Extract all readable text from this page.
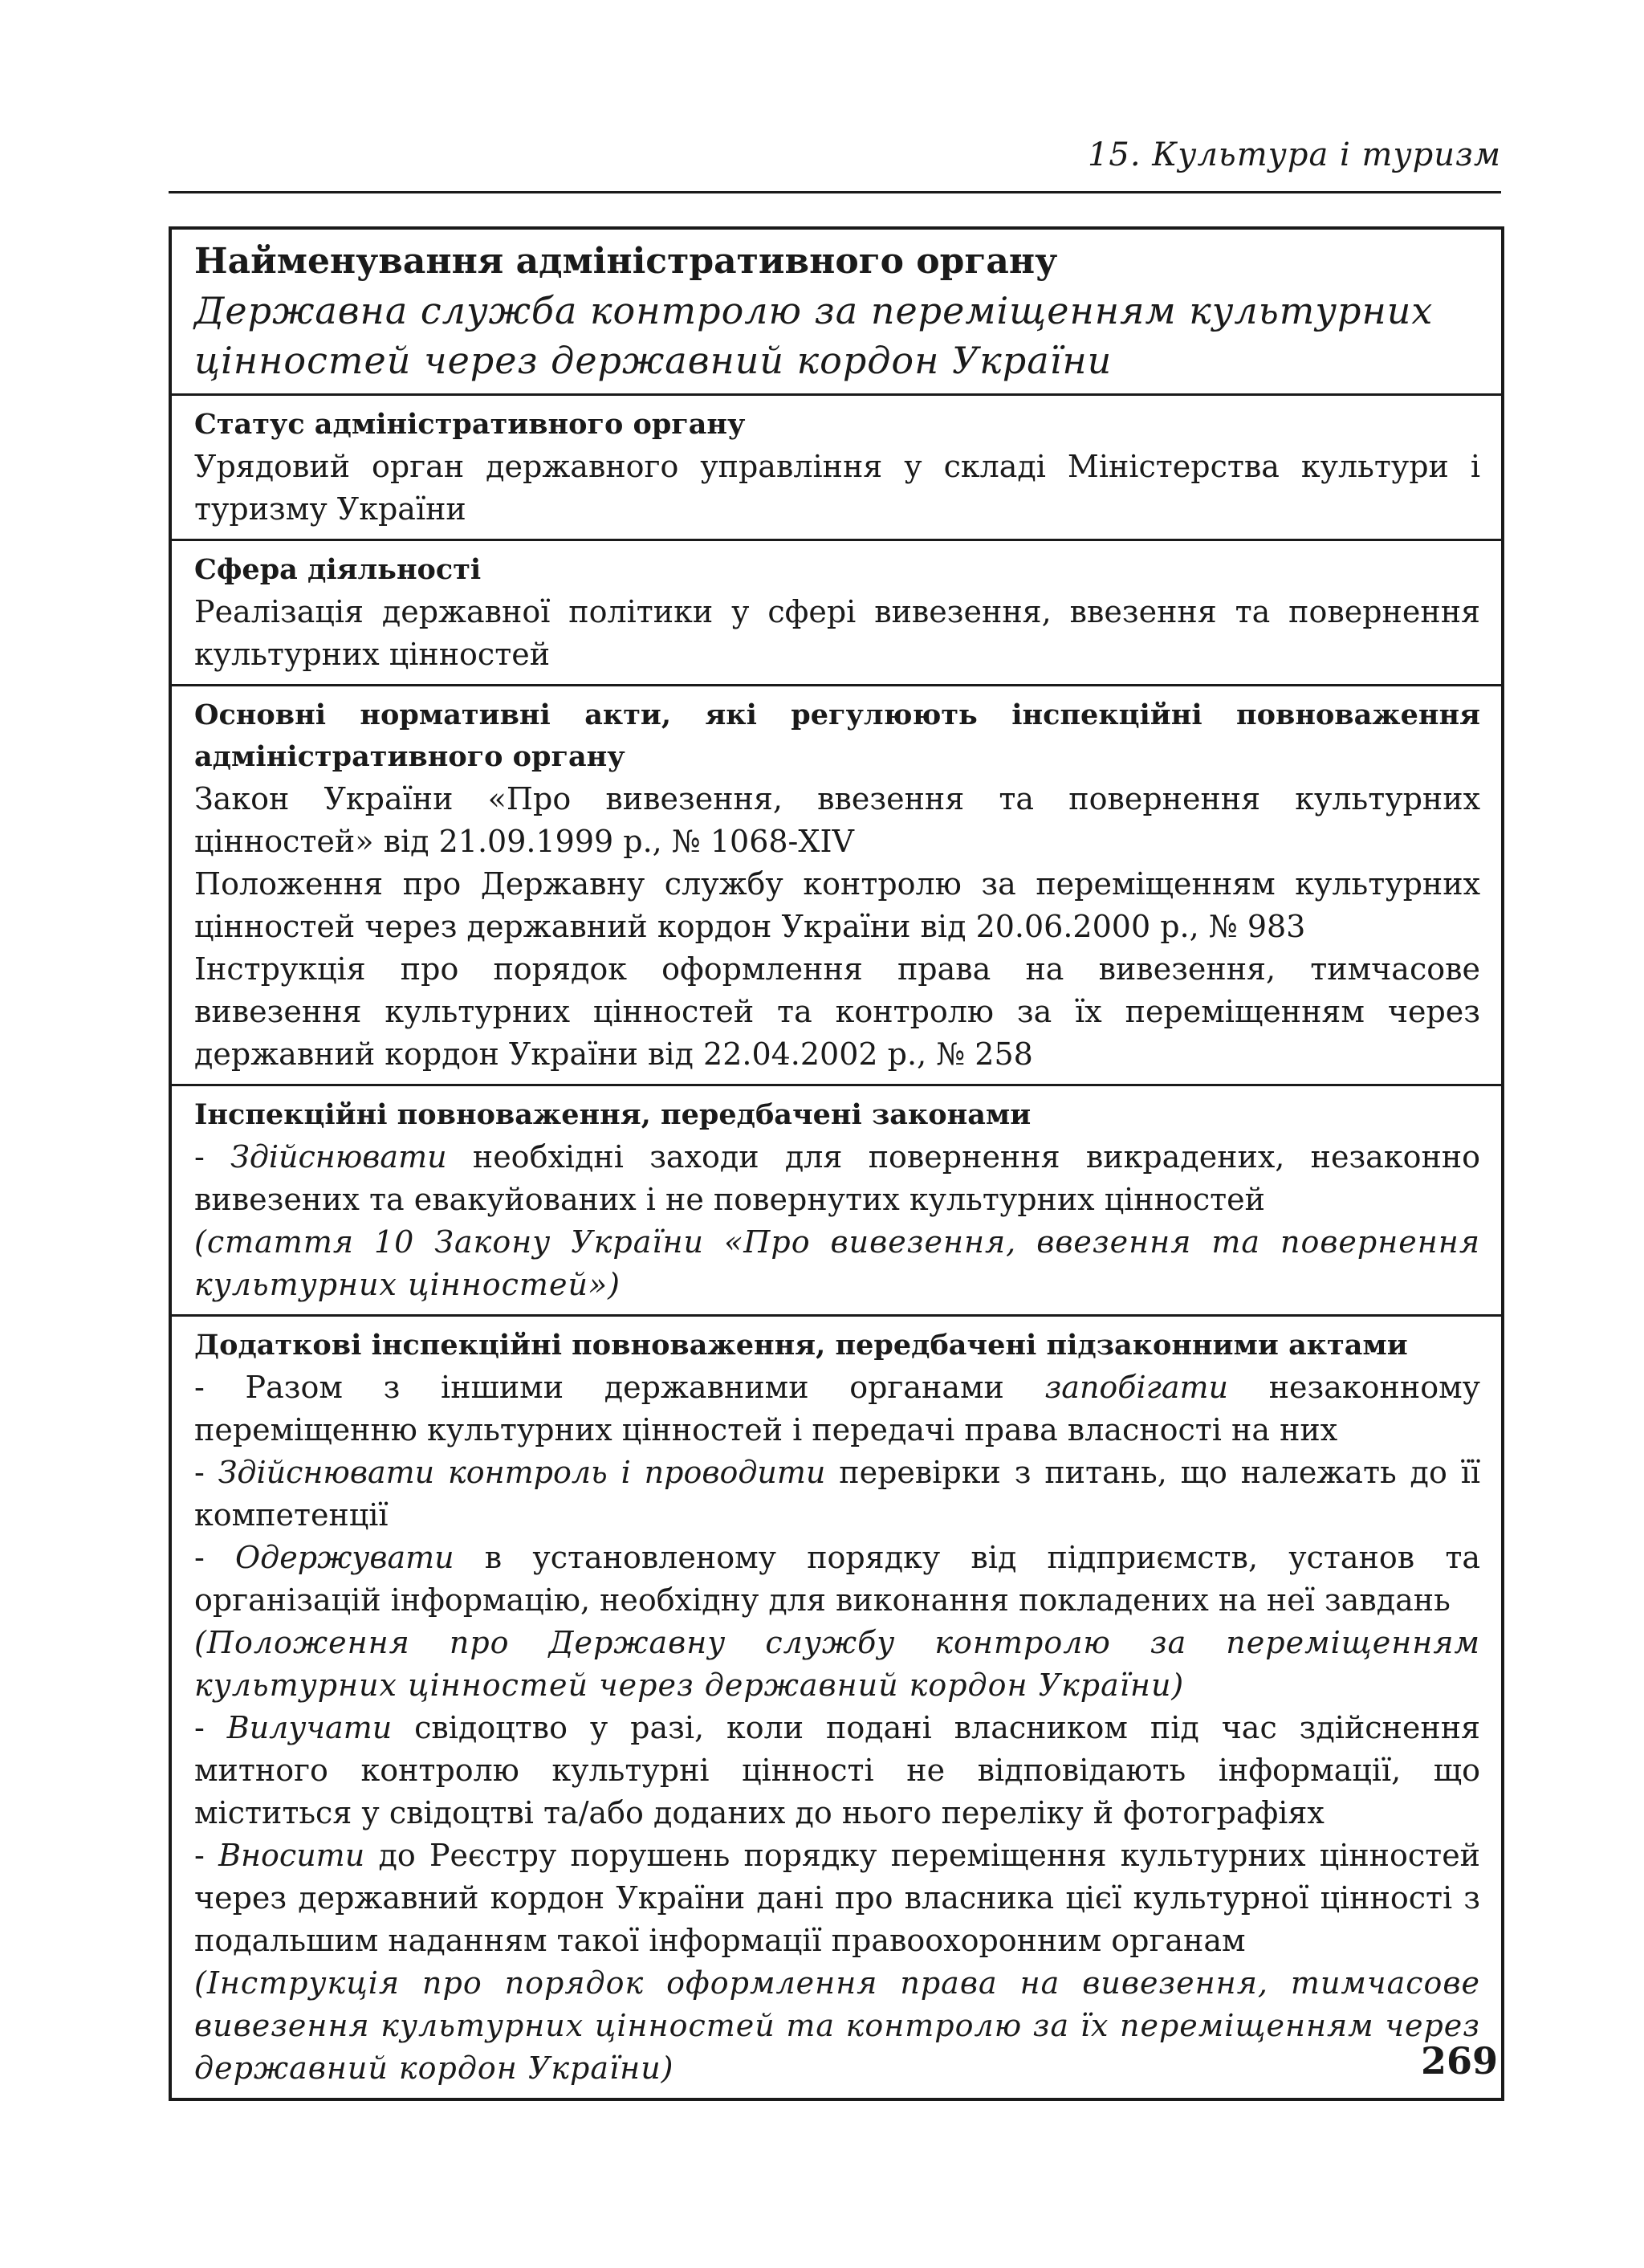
15. Культура і туризм
Найменування адміністративного органу
Державна служба контролю за переміщенням культурних цінностей через державний кордон України
Статус адміністративного органу
Урядовий орган державного управління у складі Міністерства культури і туризму України
Сфера діяльності
Реалізація державної політики у сфері вивезення, ввезення та повернення культурних цінностей
Основні нормативні акти, які регулюють інспекційні повноваження адміністративного органу
Закон України «Про вивезення, ввезення та повернення культурних цінностей» від 21.09.1999 р., № 1068-XIV
Положення про Державну службу контролю за переміщенням культурних цінностей через державний кордон України від 20.06.2000 р., № 983
Інструкція про порядок оформлення права на вивезення, тимчасове вивезення культурних цінностей та контролю за їх переміщенням через державний кордон України від 22.04.2002 р., № 258
Інспекційні повноваження, передбачені законами
- Здійснювати необхідні заходи для повернення викрадених, незаконно вивезених та евакуйованих і не повернутих культурних цінностей
(стаття 10 Закону України «Про вивезення, ввезення та повернення культурних цінностей»)
Додаткові інспекційні повноваження, передбачені підзаконними актами
- Разом з іншими державними органами запобігати незаконному переміщенню культурних цінностей і передачі права власності на них
- Здійснювати контроль і проводити перевірки з питань, що належать до її компетенції
- Одержувати в установленому порядку від підприємств, установ та організацій інформацію, необхідну для виконання покладених на неї завдань
(Положення про Державну службу контролю за переміщенням культурних цінностей через державний кордон України)
- Вилучати свідоцтво у разі, коли подані власником під час здійснення митного контролю культурні цінності не відповідають інформації, що міститься у свідоцтві та/або доданих до нього переліку й фотографіях
- Вносити до Реєстру порушень порядку переміщення культурних цінностей через державний кордон України дані про власника цієї культурної цінності з подальшим наданням такої інформації правоохоронним органам
(Інструкція про порядок оформлення права на вивезення, тимчасове вивезення культурних цінностей та контролю за їх переміщенням через державний кордон України)	269
